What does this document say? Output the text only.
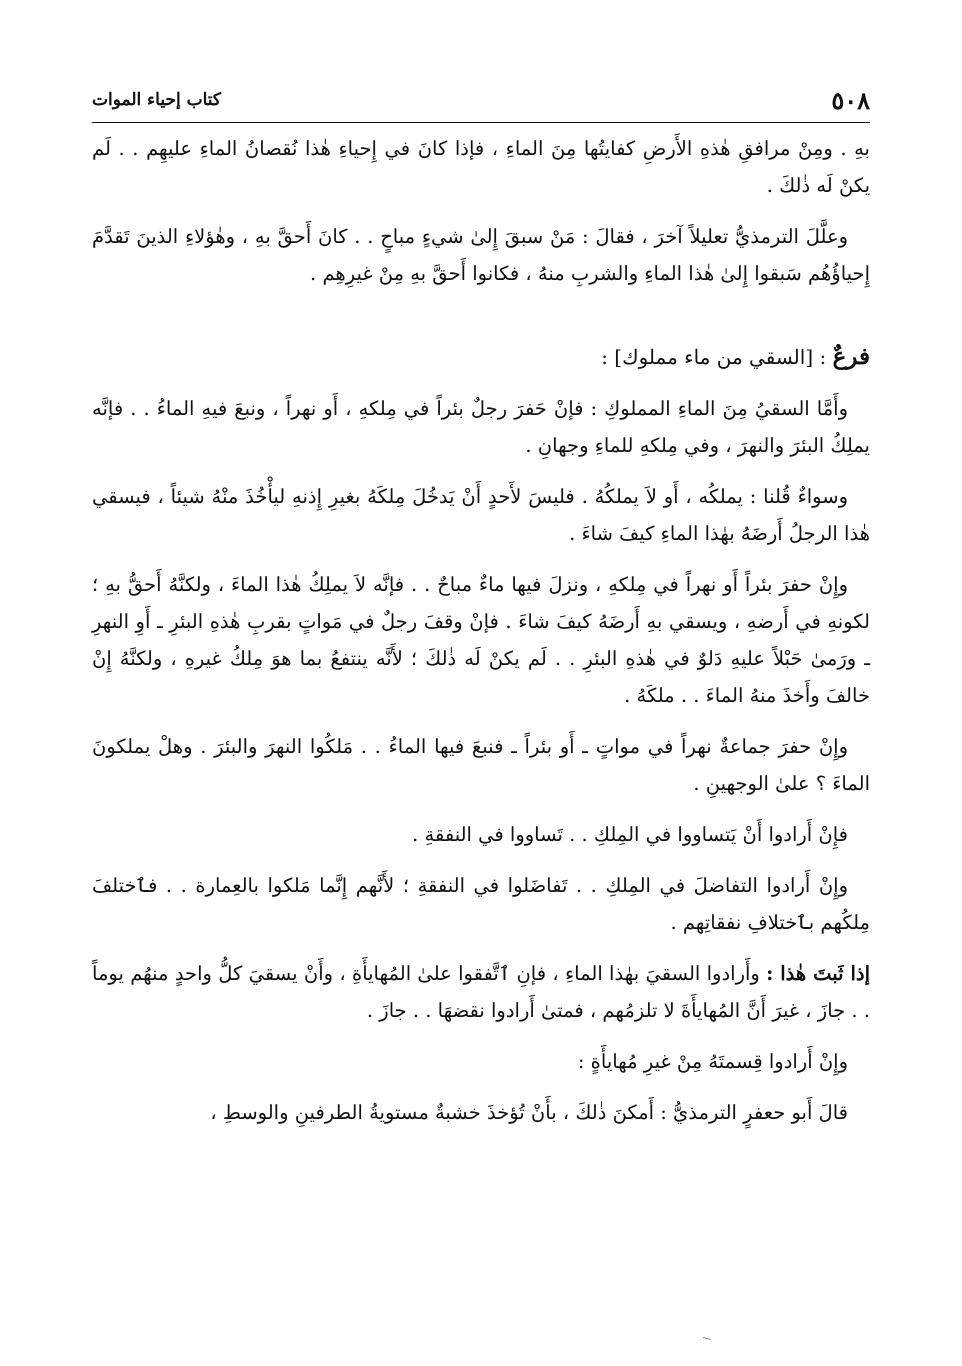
٥٠٨
كتاب إحياء الموات

بهِ . ومِنْ مرافقِ هٰذهِ الأَرضِ كفايتُها مِنَ الماءِ ، فإذا كانَ في إِحياءِ هٰذا نُقصانُ الماءِ عليهِم . . لَم يكنْ لَه ذٰلكَ .

وعلَّلَ الترمذيُّ تعليلاً آخرَ ، فقالَ : مَنْ سبقَ إِلىٰ شيءٍ مباحٍ . . كانَ أَحقَّ بهِ ، وهٰؤلاءِ الذينَ تَقدَّمَ إِحياؤُهُم سَبقوا إِلىٰ هٰذا الماءِ والشربِ منهُ ، فكانوا أَحقَّ بهِ مِنْ غيرِهِم .

فرعٌ : [السقي من ماء مملوك] :

وأَمَّا السقيُ مِنَ الماءِ المملوكِ : فإنْ حَفرَ رجلٌ بئراً في مِلكهِ ، أَو نهراً ، ونبعَ فيهِ الماءُ . . فإنَّه يملِكُ البئرَ والنهرَ ، وفي مِلكهِ للماءِ وجهانِ .

وسواءٌ قُلنا : يملكُه ، أَو لاَ يملكُهُ . فليسَ لأَحدٍ أَنْ يَدخُلَ مِلكَهُ بغيرِ إِذنهِ ليأْخُذَ منْهُ شيئاً ، فيسقي هٰذا الرجلُ أَرضَهُ بهٰذا الماءِ كيفَ شاءَ .

وإِنْ حفرَ بئراً أَو نهراً في مِلكهِ ، ونزلَ فيها ماءٌ مباحٌ . . فإنَّه لاَ يملِكُ هٰذا الماءَ ، ولكنَّهُ أَحقُّ بهِ ؛ لكونهِ في أَرضهِ ، ويسقي بهِ أَرضَهُ كيفَ شاءَ . فإنْ وقفَ رجلٌ في مَواتٍ بقربِ هٰذهِ البئرِ ـ أَوِ النهرِ ـ ورَمىٰ حَبْلاً عليهِ دَلوٌ في هٰذهِ البئرِ . . لَم يكنْ لَه ذٰلكَ ؛ لأَنَّه ينتفعُ بما هوَ مِلكُ غيرهِ ، ولكنَّهُ إِنْ خالفَ وأَخذَ منهُ الماءَ . . ملكَهُ .

وإِنْ حفرَ جماعةٌ نهراً في مواتٍ ـ أَو بئراً ـ فنبعَ فيها الماءُ . . مَلكُوا النهرَ والبئرَ . وهلْ يملكونَ الماءَ ؟ علىٰ الوجهينِ .

فإِنْ أَرادوا أَنْ يَتساووا في المِلكِ . . تَساووا في النفقةِ .

وإِنْ أَرادوا التفاضلَ في المِلكِ . . تَفاضَلوا في النفقةِ ؛ لأَنَّهم إِنَّما مَلكوا بالعِمارة . . فٱختلفَ مِلكُهم بٱختلافِ نفقاتِهم .

إذا ثَبتَ هٰذا : وأَرادوا السقيَ بهٰذا الماءِ ، فإنِ ٱتَّفقوا علىٰ المُهايأَةِ ، وأَنْ يسقيَ كلُّ واحدٍ منهُم يوماً . . جازَ ، غيرَ أَنَّ المُهايأَةَ لا تلزمُهم ، فمتىٰ أَرادوا نقضهَا . . جازَ .

وإِنْ أَرادوا قِسمتَهُ مِنْ غيرِ مُهايأَةٍ :

قالَ أَبو حعفرٍ الترمذيُّ : أَمكنَ ذٰلكَ ، بأَنْ تُؤخذَ خشبةٌ مستويةُ الطرفينِ والوسطِ ،
